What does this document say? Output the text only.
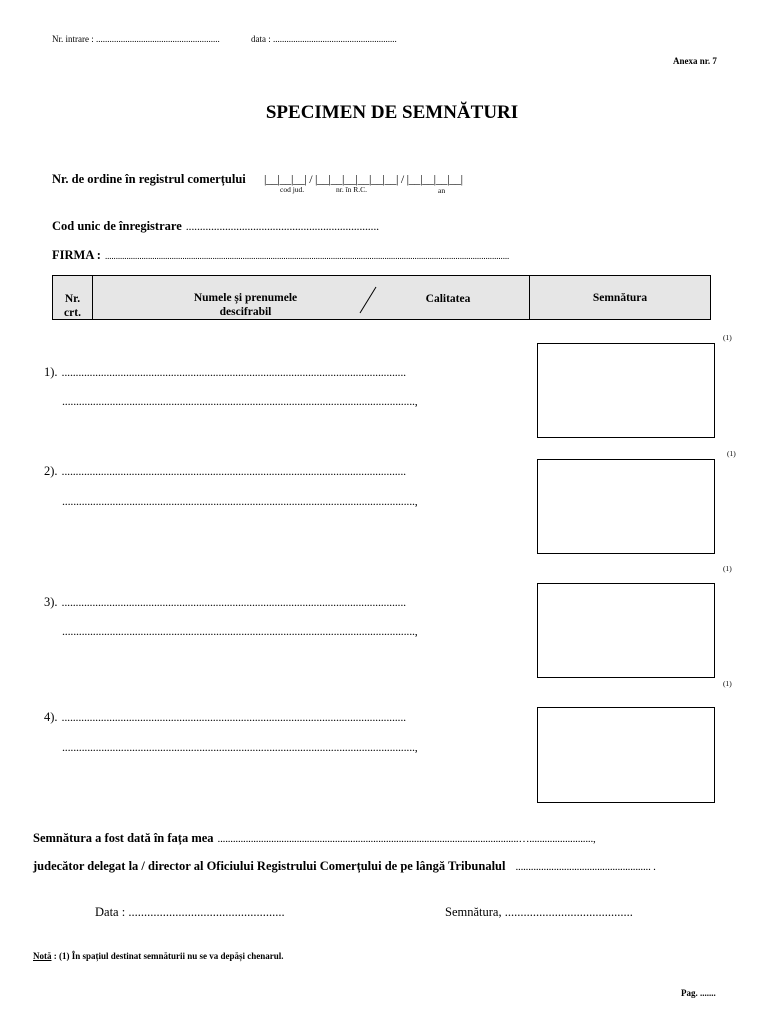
Nr. intrare : .......................................................	data : .......................................................
Anexa nr. 7
SPECIMEN DE SEMNĂTURI
Nr. de ordine în registrul comerțului |__|__|__| / |__|__|__|__|__|__| / |__|__|__|__|
cod jud.	nr. în R.C.	an
Cod unic de înregistrare .....................................................................
FIRMA : ............................................................................................................................................................................................
Nr.
crt.
Numele și prenumele
descifrabil
Calitatea	Semnătura
(1)
1). ...........................................................................................................................
..............................................................................................................................,
(1)
2). ...........................................................................................................................
..............................................................................................................................,
(1)
3). ...........................................................................................................................
..............................................................................................................................,
(1)
4). ...........................................................................................................................
..............................................................................................................................,
Semnătura a fost dată în fața mea ......................................................................................................................….........................,
judecător delegat la / director al Oficiului Registrului Comerțului de pe lângă Tribunalul ..................................................... .
Data : ..................................................	Semnătura, .........................................
Notă : (1) În spațiul destinat semnăturii nu se va depăși chenarul.
Pag. .......
